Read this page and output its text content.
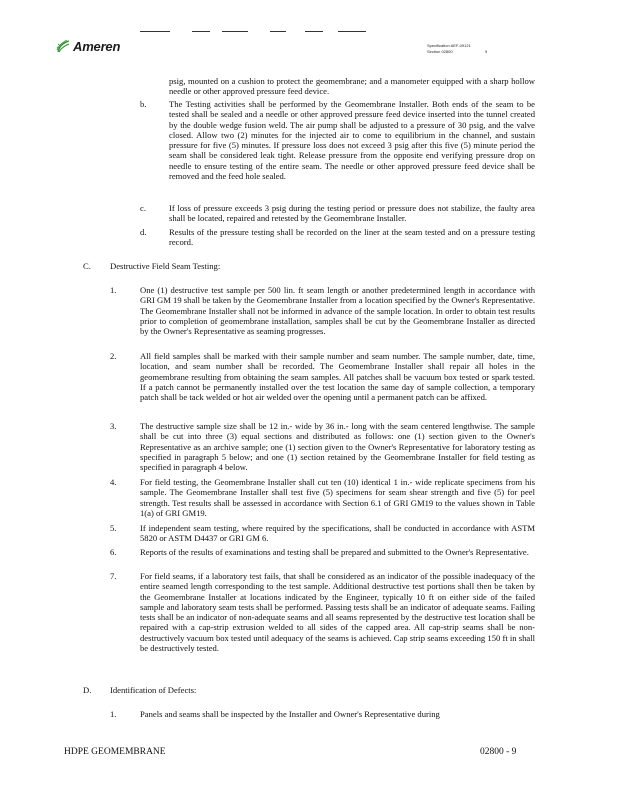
Ameren	Specification AEF-09121
Section 02800	9

psig, mounted on a cushion to protect the geomembrane; and a manometer equipped with a sharp hollow needle or other approved pressure feed device.

b.	The Testing activities shall be performed by the Geomembrane Installer. Both ends of the seam to be tested shall be sealed and a needle or other approved pressure feed device inserted into the tunnel created by the double wedge fusion weld. The air pump shall be adjusted to a pressure of 30 psig, and the valve closed. Allow two (2) minutes for the injected air to come to equilibrium in the channel, and sustain pressure for five (5) minutes. If pressure loss does not exceed 3 psig after this five (5) minute period the seam shall be considered leak tight. Release pressure from the opposite end verifying pressure drop on needle to ensure testing of the entire seam. The needle or other approved pressure feed device shall be removed and the feed hole sealed.

c.	If loss of pressure exceeds 3 psig during the testing period or pressure does not stabilize, the faulty area shall be located, repaired and retested by the Geomembrane Installer.

d.	Results of the pressure testing shall be recorded on the liner at the seam tested and on a pressure testing record.

C. Destructive Field Seam Testing:
1.	One (1) destructive test sample per 500 lin. ft seam length or another predetermined length in accordance with GRI GM 19 shall be taken by the Geomembrane Installer from a location specified by the Owner's Representative. The Geomembrane Installer shall not be informed in advance of the sample location. In order to obtain test results prior to completion of geomembrane installation, samples shall be cut by the Geomembrane Installer as directed by the Owner's Representative as seaming progresses.

2.	All field samples shall be marked with their sample number and seam number. The sample number, date, time, location, and seam number shall be recorded. The Geomembrane Installer shall repair all holes in the geomembrane resulting from obtaining the seam samples. All patches shall be vacuum box tested or spark tested. If a patch cannot be permanently installed over the test location the same day of sample collection, a temporary patch shall be tack welded or hot air welded over the opening until a permanent patch can be affixed.

3.	The destructive sample size shall be 12 in.- wide by 36 in.- long with the seam centered lengthwise. The sample shall be cut into three (3) equal sections and distributed as follows: one (1) section given to the Owner's Representative as an archive sample; one (1) section given to the Owner's Representative for laboratory testing as specified in paragraph 5 below; and one (1) section retained by the Geomembrane Installer for field testing as specified in paragraph 4 below.

4.	For field testing, the Geomembrane Installer shall cut ten (10) identical 1 in.- wide replicate specimens from his sample. The Geomembrane Installer shall test five (5) specimens for seam shear strength and five (5) for peel strength. Test results shall be assessed in accordance with Section 6.1 of GRI GM19 to the values shown in Table 1(a) of GRI GM19.

5.	If independent seam testing, where required by the specifications, shall be conducted in accordance with ASTM 5820 or ASTM D4437 or GRI GM 6.

6.	Reports of the results of examinations and testing shall be prepared and submitted to the Owner's Representative.

7.	For field seams, if a laboratory test fails, that shall be considered as an indicator of the possible inadequacy of the entire seamed length corresponding to the test sample. Additional destructive test portions shall then be taken by the Geomembrane Installer at locations indicated by the Engineer, typically 10 ft on either side of the failed sample and laboratory seam tests shall be performed. Passing tests shall be an indicator of adequate seams. Failing tests shall be an indicator of non-adequate seams and all seams represented by the destructive test location shall be repaired with a cap-strip extrusion welded to all sides of the capped area. All cap-strip seams shall be non-destructively vacuum box tested until adequacy of the seams is achieved. Cap strip seams exceeding 150 ft in shall be destructively tested.

D. Identification of Defects:
1.	Panels and seams shall be inspected by the Installer and Owner's Representative during

HDPE GEOMEMBRANE	02800 - 9
